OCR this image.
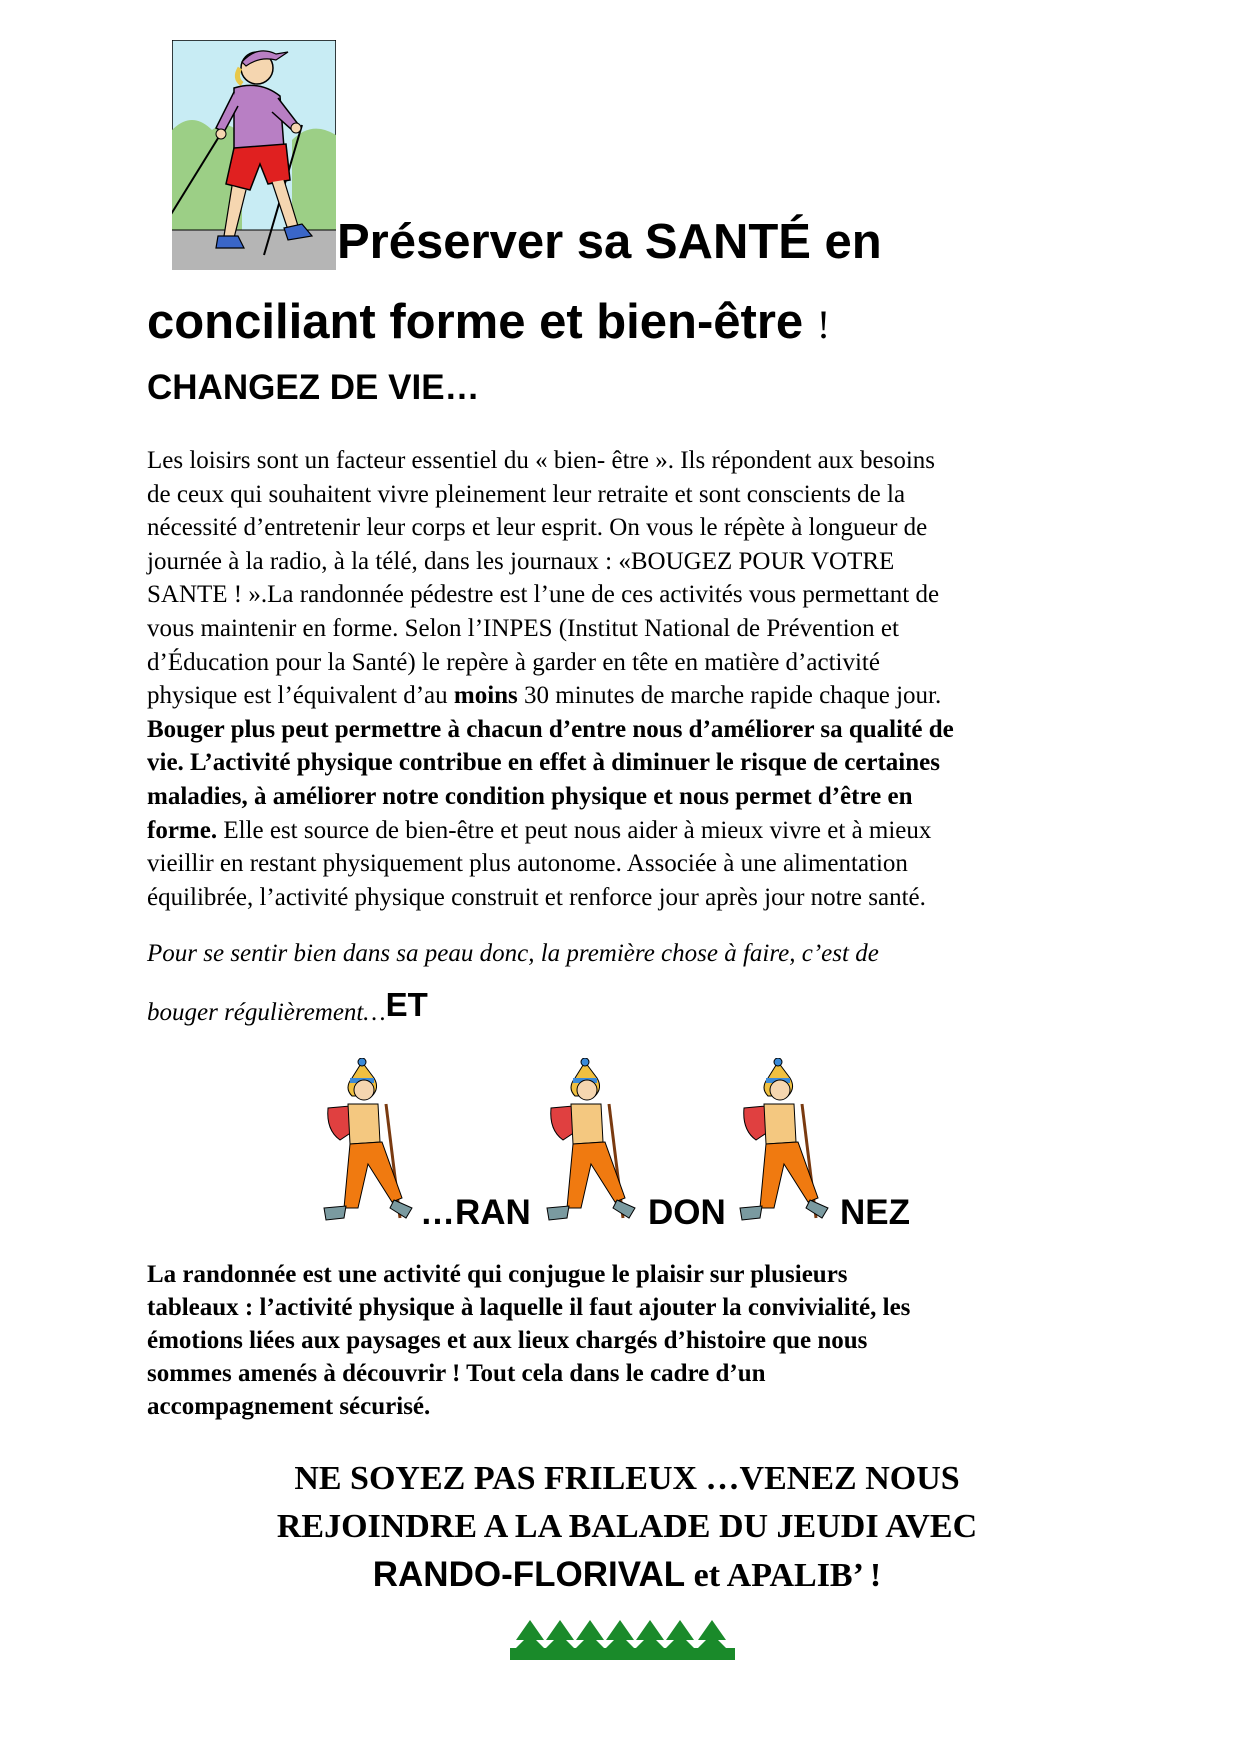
Préserver sa SANTÉ en
conciliant forme et bien-être !
CHANGEZ DE VIE…
Les loisirs sont un facteur essentiel du « bien- être ». Ils répondent aux besoins
de ceux qui souhaitent vivre pleinement leur retraite et sont conscients de la
nécessité d’entretenir leur corps et leur esprit. On vous le répète à longueur de
journée à la radio, à la télé, dans les journaux : «BOUGEZ POUR VOTRE
SANTE ! ».La randonnée pédestre est l’une de ces activités vous permettant de
vous maintenir en forme. Selon l’INPES (Institut National de Prévention et
d’Éducation pour la Santé) le repère à garder en tête en matière d’activité
physique est l’équivalent d’au moins 30 minutes de marche rapide chaque jour.
Bouger plus peut permettre à chacun d’entre nous d’améliorer sa qualité de
vie. L’activité physique contribue en effet à diminuer le risque de certaines
maladies, à améliorer notre condition physique et nous permet d’être en
forme. Elle est source de bien-être et peut nous aider à mieux vivre et à mieux
vieillir en restant physiquement plus autonome. Associée à une alimentation
équilibrée, l’activité physique construit et renforce jour après jour notre santé.
Pour se sentir bien dans sa peau donc, la première chose à faire, c’est de
bouger régulièrement…ET
…RAN	DON	NEZ
La randonnée est une activité qui conjugue le plaisir sur plusieurs
tableaux : l’activité physique à laquelle il faut ajouter la convivialité, les
émotions liées aux paysages et aux lieux chargés d’histoire que nous
sommes amenés à découvrir ! Tout cela dans le cadre d’un
accompagnement sécurisé.
NE SOYEZ PAS FRILEUX …VENEZ NOUS
REJOINDRE A LA BALADE DU JEUDI AVEC
RANDO-FLORIVAL et APALIB’ !
